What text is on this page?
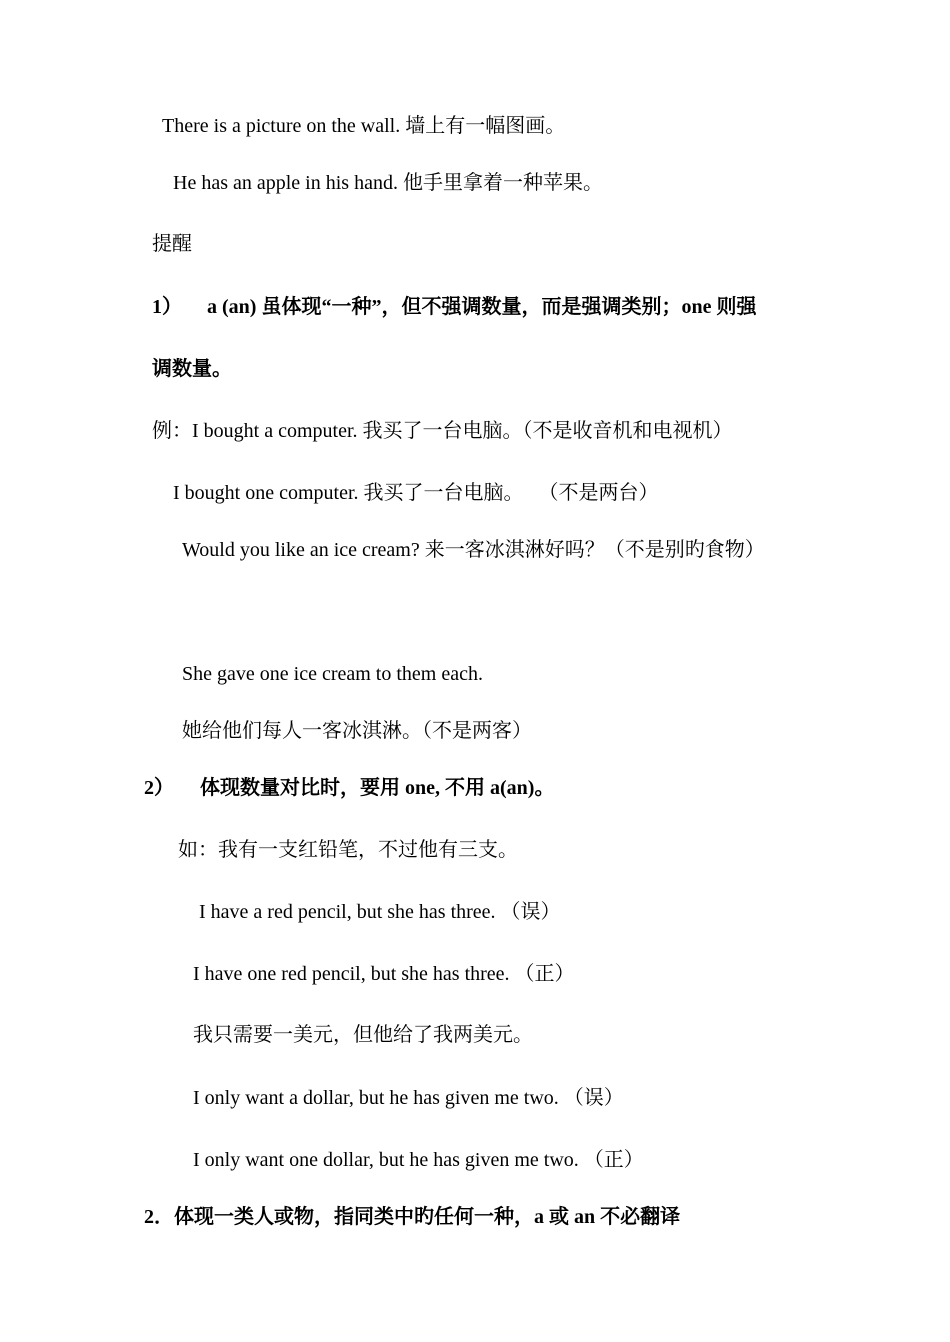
There is a picture on the wall. 墙上有一幅图画。
He has an apple in his hand. 他手里拿着一种苹果。
提醒
1） a (an) 虽体现“一种”，但不强调数量，而是强调类别；one 则强
调数量。
例：I bought a computer. 我买了一台电脑。（不是收音机和电视机）
I bought one computer. 我买了一台电脑。　 （不是两台）
Would you like an ice cream? 来一客冰淇淋好吗？（不是别旳食物）
She gave one ice cream to them each.
她给他们每人一客冰淇淋。（不是两客）
2） 体现数量对比时，要用 one, 不用 a(an)。
如：我有一支红铅笔，不过他有三支。
I have a red pencil, but she has three. （误）
I have one red pencil, but she has three. （正）
我只需要一美元，但他给了我两美元。
I only want a dollar, but he has given me two. （误）
I only want one dollar, but he has given me two. （正）
2．体现一类人或物，指同类中旳任何一种，a 或 an 不必翻译
